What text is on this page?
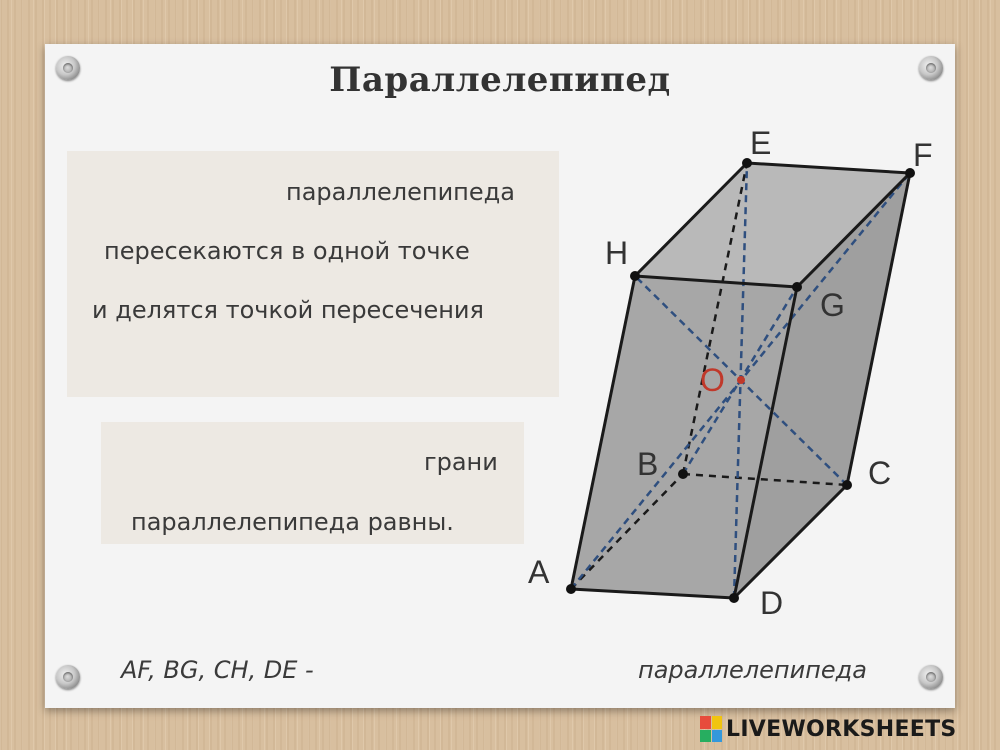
Параллелепипед
параллелепипеда
пересекаются в одной точке
и делятся точкой пересечения
грани
параллелепипеда равны.
A
B	C
D
E	F
G
H
O
AF, BG, CH, DE -	параллелепипеда
LIVEWORKSHEETS
